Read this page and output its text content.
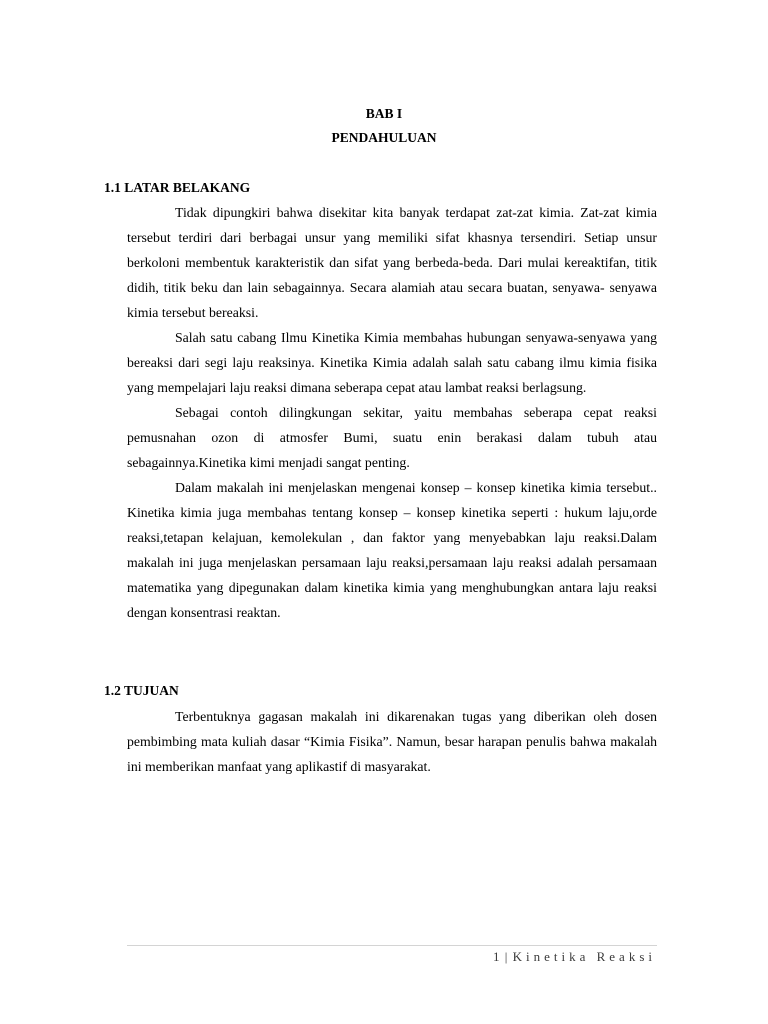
BAB I
PENDAHULUAN
1.1 LATAR BELAKANG

Tidak dipungkiri bahwa disekitar kita banyak terdapat zat-zat kimia. Zat-zat kimia tersebut terdiri dari berbagai unsur yang memiliki sifat khasnya tersendiri. Setiap unsur berkoloni membentuk karakteristik dan sifat yang berbeda-beda. Dari mulai kereaktifan, titik didih, titik beku dan lain sebagainnya. Secara alamiah atau secara buatan, senyawa- senyawa kimia tersebut bereaksi.

Salah satu cabang Ilmu Kinetika Kimia membahas hubungan senyawa-senyawa yang bereaksi dari segi laju reaksinya. Kinetika Kimia adalah salah satu cabang ilmu kimia fisika yang mempelajari laju reaksi dimana seberapa cepat atau lambat reaksi berlagsung.

Sebagai contoh dilingkungan sekitar, yaitu membahas seberapa cepat reaksi pemusnahan ozon di atmosfer Bumi, suatu enin berakasi dalam tubuh atau sebagainnya.Kinetika kimi menjadi sangat penting.

Dalam makalah ini menjelaskan mengenai konsep – konsep kinetika kimia tersebut.. Kinetika kimia juga membahas tentang konsep – konsep kinetika seperti : hukum laju,orde reaksi,tetapan kelajuan, kemolekulan , dan faktor yang menyebabkan laju reaksi.Dalam makalah ini juga menjelaskan persamaan laju reaksi,persamaan laju reaksi adalah persamaan matematika yang dipegunakan dalam kinetika kimia yang menghubungkan antara laju reaksi dengan konsentrasi reaktan.

1.2 TUJUAN

Terbentuknya gagasan makalah ini dikarenakan tugas yang diberikan oleh dosen pembimbing mata kuliah dasar “Kimia Fisika”. Namun, besar harapan penulis bahwa makalah ini memberikan manfaat yang aplikastif di masyarakat.

1 | Kinetika Reaksi
